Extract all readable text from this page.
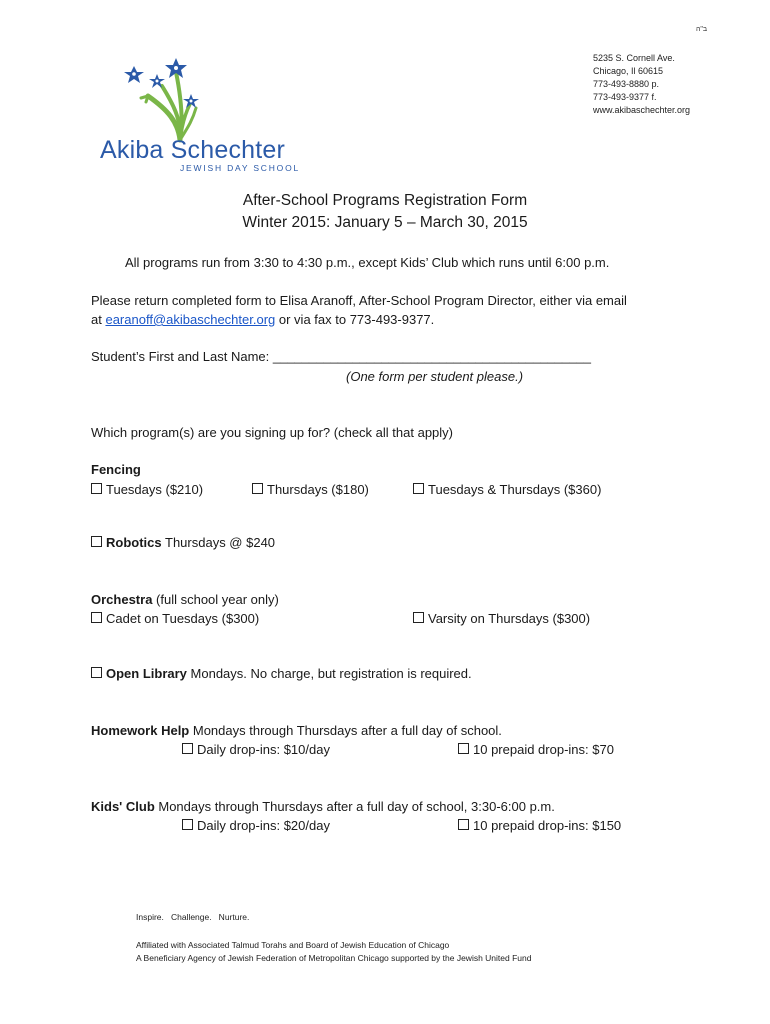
ב"ה
5235 S. Cornell Ave.
Chicago, Il 60615
773-493-8880 p.
773-493-9377 f.
www.akibaschechter.org
Akiba Schechter
JEWISH DAY SCHOOL
After-School Programs Registration Form
Winter 2015: January 5 – March 30, 2015
All programs run from 3:30 to 4:30 p.m., except Kids’ Club which runs until 6:00 p.m.
Please return completed form to Elisa Aranoff, After-School Program Director, either via email
at earanoff@akibaschechter.org or via fax to 773-493-9377.
Student’s First and Last Name: ____________________________________________
(One form per student please.)
Which program(s) are you signing up for? (check all that apply)
Fencing
Tuesdays ($210)	Thursdays ($180)	Tuesdays & Thursdays ($360)
Robotics Thursdays @ $240
Orchestra (full school year only)
Cadet on Tuesdays ($300)	Varsity on Thursdays ($300)
Open Library Mondays. No charge, but registration is required.
Homework Help Mondays through Thursdays after a full day of school.
Daily drop-ins: $10/day	10 prepaid drop-ins: $70
Kids' Club Mondays through Thursdays after a full day of school, 3:30-6:00 p.m.
Daily drop-ins: $20/day	10 prepaid drop-ins: $150
Inspire.   Challenge.   Nurture.
Affiliated with Associated Talmud Torahs and Board of Jewish Education of Chicago
A Beneficiary Agency of Jewish Federation of Metropolitan Chicago supported by the Jewish United Fund
